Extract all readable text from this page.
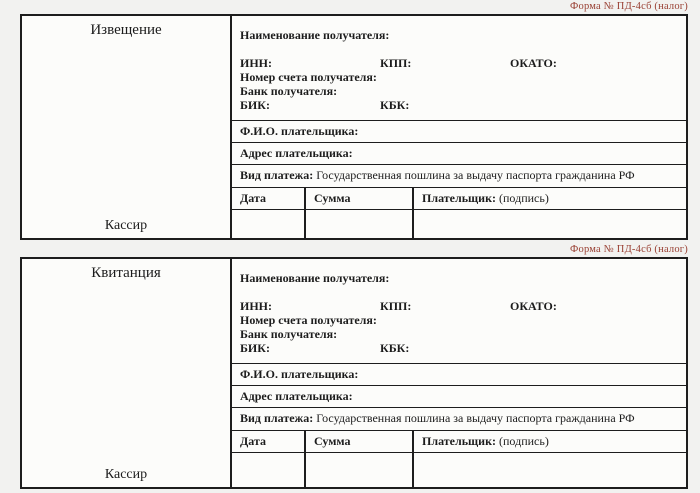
Форма № ПД-4сб (налог)
Извещение
Кассир
Наименование получателя:
ИНН:	КПП:	ОКАТО:
Номер счета получателя:
Банк получателя:
БИК:	КБК:
Ф.И.О. плательщика:
Адрес плательщика:
Вид платежа: Государственная пошлина за выдачу паспорта гражданина РФ
Дата	Сумма	Плательщик: (подпись)
Форма № ПД-4сб (налог)
Квитанция
Кассир
Наименование получателя:
ИНН:	КПП:	ОКАТО:
Номер счета получателя:
Банк получателя:
БИК:	КБК:
Ф.И.О. плательщика:
Адрес плательщика:
Вид платежа: Государственная пошлина за выдачу паспорта гражданина РФ
Дата	Сумма	Плательщик: (подпись)
